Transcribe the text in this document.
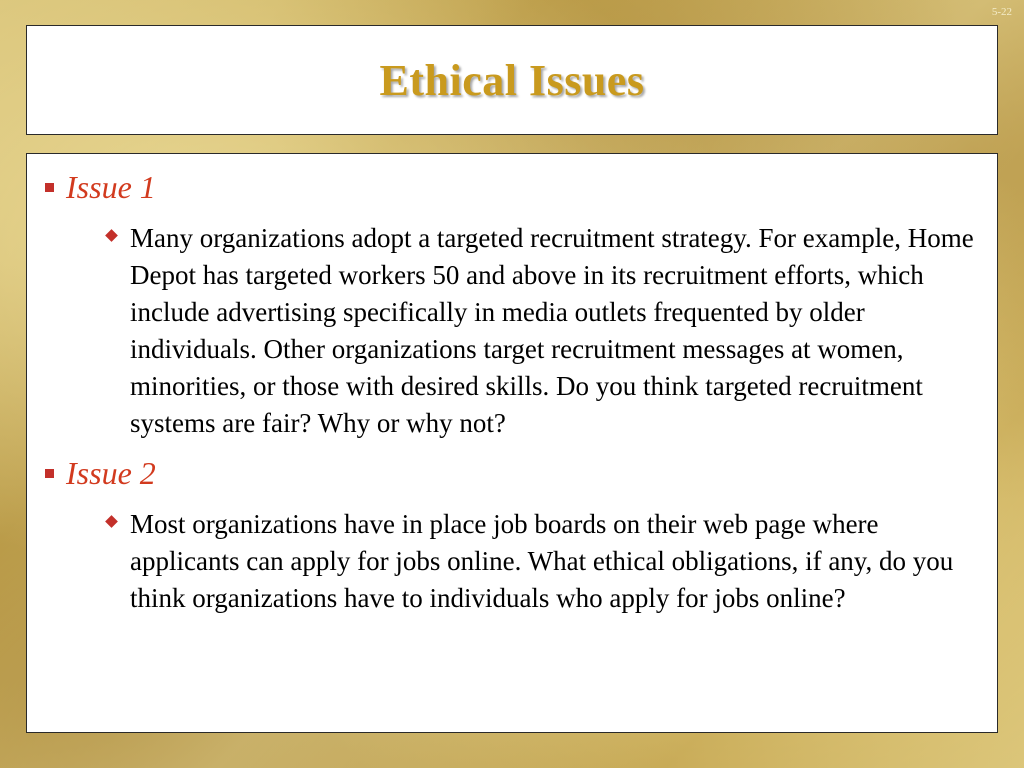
5-22
Ethical Issues
Issue 1
Many organizations adopt a targeted recruitment strategy. For example, Home Depot has targeted workers 50 and above in its recruitment efforts, which include advertising specifically in media outlets frequented by older individuals. Other organizations target recruitment messages at women, minorities, or those with desired skills. Do you think targeted recruitment systems are fair? Why or why not?
Issue 2
Most organizations have in place job boards on their web page where applicants can apply for jobs online. What ethical obligations, if any, do you think organizations have to individuals who apply for jobs online?
